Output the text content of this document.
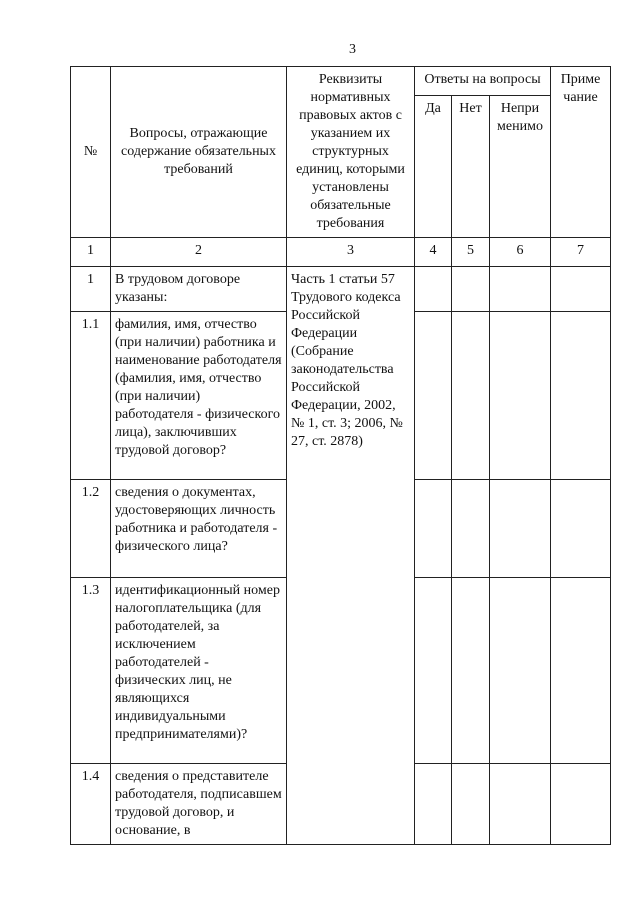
3
№	Вопросы, отражающие содержание обязательных требований	Реквизиты нормативных правовых актов с указанием их структурных единиц, которыми установлены обязательные требования	Ответы на вопросы			Приме чание
			Да	Нет	Непри менимо	
1	2	3	4	5	6	7
1	В трудовом договоре указаны:	Часть 1 статьи 57 Трудового кодекса Российской Федерации (Собрание законодательства Российской Федерации, 2002, № 1, ст. 3; 2006, № 27, ст. 2878)				
1.1	фамилия, имя, отчество (при наличии) работника и наименование работодателя (фамилия, имя, отчество (при наличии) работодателя - физического лица), заключивших трудовой договор?					
1.2	сведения о документах, удостоверяющих личность работника и работодателя - физического лица?					
1.3	идентификационный номер налогоплательщика (для работодателей, за исключением работодателей - физических лиц, не являющихся индивидуальными предпринимателями)?					
1.4	сведения о представителе работодателя, подписавшем трудовой договор, и основание, в					
